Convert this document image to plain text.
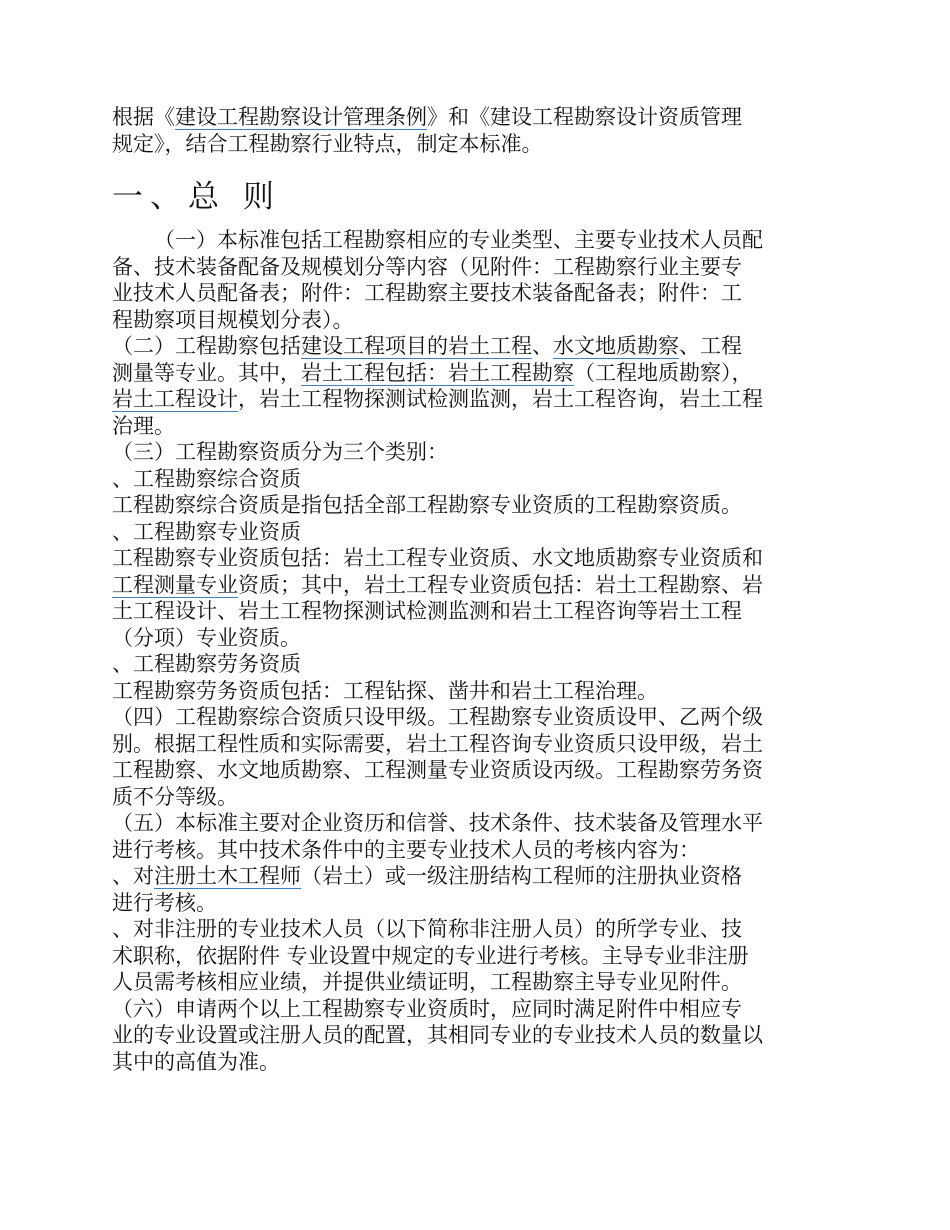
根据《建设工程勘察设计管理条例》和《建设工程勘察设计资质管理

规定》，结合工程勘察行业特点，制定本标准。

一、总 则

（一）本标准包括工程勘察相应的专业类型、主要专业技术人员配

备、技术装备配备及规模划分等内容（见附件：工程勘察行业主要专

业技术人员配备表；附件：工程勘察主要技术装备配备表；附件：工

程勘察项目规模划分表）。

（二）工程勘察包括建设工程项目的岩土工程、水文地质勘察、工程

测量等专业。其中，岩土工程包括：岩土工程勘察（工程地质勘察），

岩土工程设计，岩土工程物探测试检测监测，岩土工程咨询，岩土工程

治理。

（三）工程勘察资质分为三个类别：

、工程勘察综合资质

工程勘察综合资质是指包括全部工程勘察专业资质的工程勘察资质。

、工程勘察专业资质

工程勘察专业资质包括：岩土工程专业资质、水文地质勘察专业资质和

工程测量专业资质；其中，岩土工程专业资质包括：岩土工程勘察、岩

土工程设计、岩土工程物探测试检测监测和岩土工程咨询等岩土工程

（分项）专业资质。

、工程勘察劳务资质

工程勘察劳务资质包括：工程钻探、凿井和岩土工程治理。

（四）工程勘察综合资质只设甲级。工程勘察专业资质设甲、乙两个级

别。根据工程性质和实际需要，岩土工程咨询专业资质只设甲级，岩土

工程勘察、水文地质勘察、工程测量专业资质设丙级。工程勘察劳务资

质不分等级。

（五）本标准主要对企业资历和信誉、技术条件、技术装备及管理水平

进行考核。其中技术条件中的主要专业技术人员的考核内容为：

、对注册土木工程师（岩土）或一级注册结构工程师的注册执业资格

进行考核。

、对非注册的专业技术人员（以下简称非注册人员）的所学专业、技

术职称，依据附件 专业设置中规定的专业进行考核。主导专业非注册

人员需考核相应业绩，并提供业绩证明，工程勘察主导专业见附件。

（六）申请两个以上工程勘察专业资质时，应同时满足附件中相应专

业的专业设置或注册人员的配置，其相同专业的专业技术人员的数量以

其中的高值为准。
